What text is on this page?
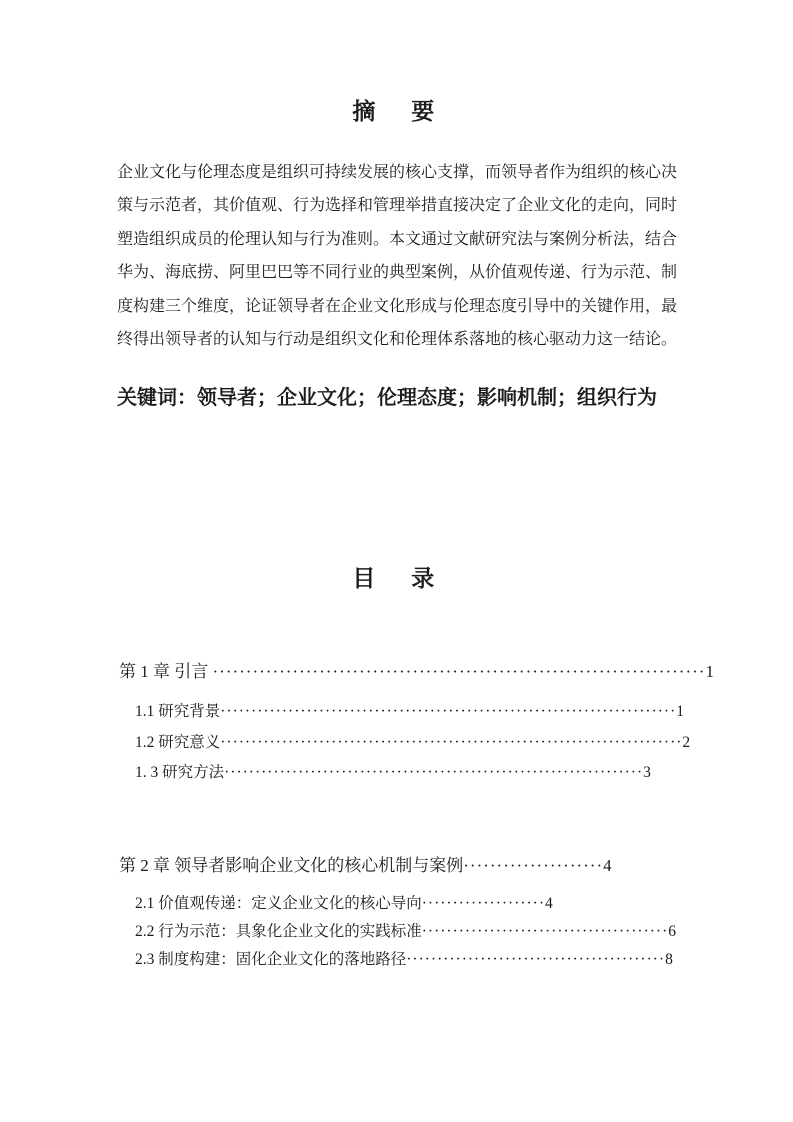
摘　要
企业文化与伦理态度是组织可持续发展的核心支撑，而领导者作为组织的核心决
策与示范者，其价值观、行为选择和管理举措直接决定了企业文化的走向，同时
塑造组织成员的伦理认知与行为准则。本文通过文献研究法与案例分析法，结合
华为、海底捞、阿里巴巴等不同行业的典型案例，从价值观传递、行为示范、制
度构建三个维度，论证领导者在企业文化形成与伦理态度引导中的关键作用，最
终得出领导者的认知与行动是组织文化和伦理体系落地的核心驱动力这一结论。
关键词：领导者；企业文化；伦理态度；影响机制；组织行为
目　录
第 1 章 引言 ··········································································1
1.1 研究背景··········································································1
1.2 研究意义···········································································2
1. 3 研究方法····································································3
第 2 章 领导者影响企业文化的核心机制与案例·····················4
2.1 价值观传递：定义企业文化的核心导向····················4
2.2 行为示范：具象化企业文化的实践标准········································6
2.3 制度构建：固化企业文化的落地路径··········································8
